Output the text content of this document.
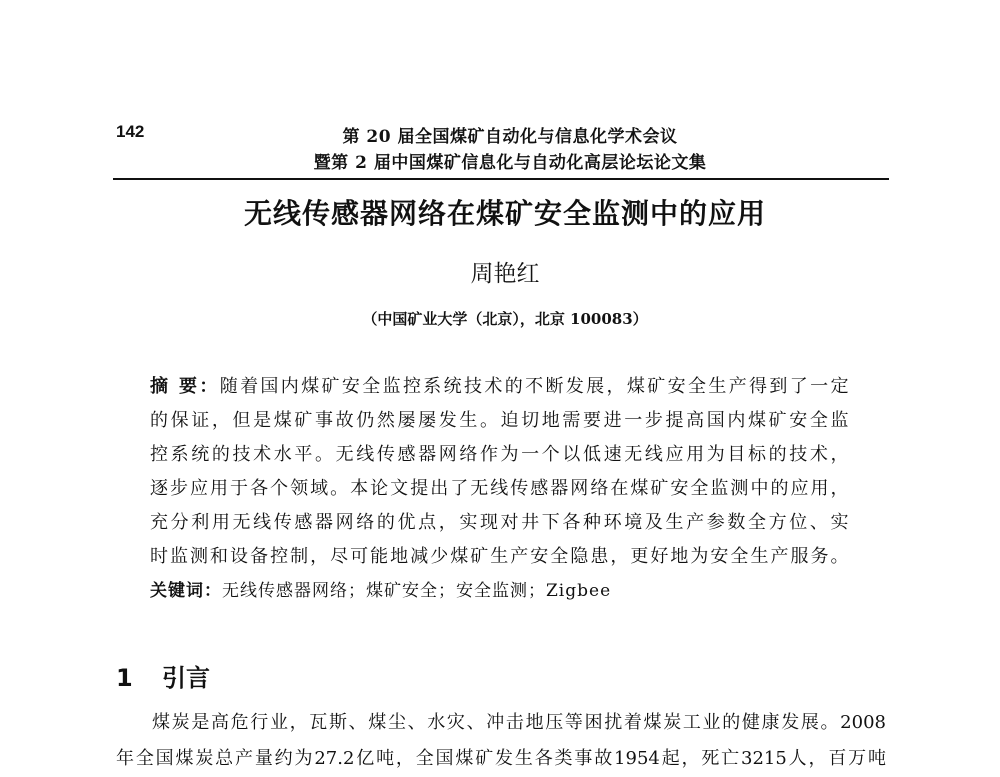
142	第 20 届全国煤矿自动化与信息化学术会议
暨第 2 届中国煤矿信息化与自动化高层论坛论文集
无线传感器网络在煤矿安全监测中的应用
周艳红
（中国矿业大学（北京），北京 100083）
摘 要：随着国内煤矿安全监控系统技术的不断发展，煤矿安全生产得到了一定
的保证，但是煤矿事故仍然屡屡发生。迫切地需要进一步提高国内煤矿安全监
控系统的技术水平。无线传感器网络作为一个以低速无线应用为目标的技术，
逐步应用于各个领域。本论文提出了无线传感器网络在煤矿安全监测中的应用，
充分利用无线传感器网络的优点，实现对井下各种环境及生产参数全方位、实
时监测和设备控制，尽可能地减少煤矿生产安全隐患，更好地为安全生产服务。
关键词：无线传感器网络；煤矿安全；安全监测；Zigbee
1 引言
煤炭是高危行业，瓦斯、煤尘、水灾、冲击地压等困扰着煤炭工业的健康发展。2008
年全国煤炭总产量约为27.2亿吨，全国煤矿发生各类事故1954起，死亡3215人，百万吨
